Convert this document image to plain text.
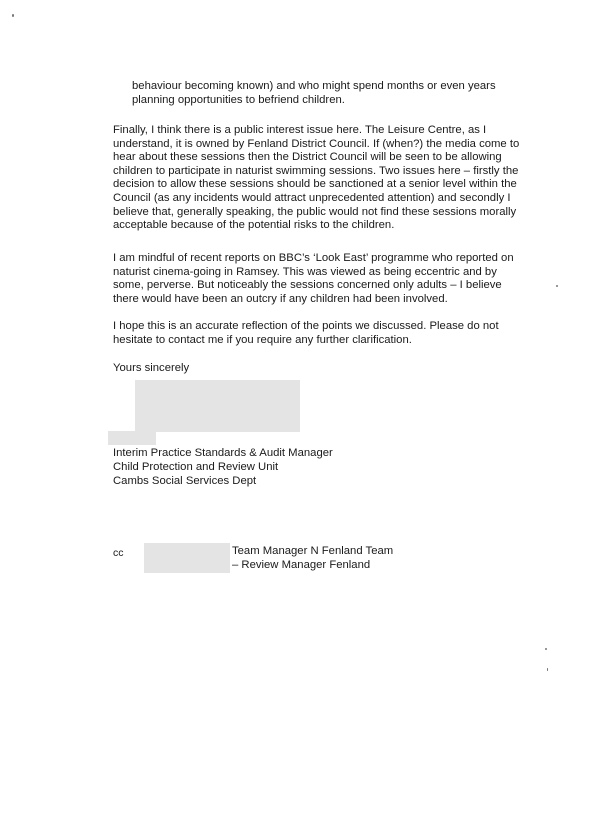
behaviour becoming known) and who might spend months or even years
planning opportunities to befriend children.
Finally, I think there is a public interest issue here. The Leisure Centre, as I
understand, it is owned by Fenland District Council. If (when?) the media come to
hear about these sessions then the District Council will be seen to be allowing
children to participate in naturist swimming sessions. Two issues here – firstly the
decision to allow these sessions should be sanctioned at a senior level within the
Council (as any incidents would attract unprecedented attention) and secondly I
believe that, generally speaking, the public would not find these sessions morally
acceptable because of the potential risks to the children.
I am mindful of recent reports on BBC’s ‘Look East’ programme who reported on
naturist cinema-going in Ramsey. This was viewed as being eccentric and by
some, perverse. But noticeably the sessions concerned only adults – I believe
there would have been an outcry if any children had been involved.
I hope this is an accurate reflection of the points we discussed. Please do not
hesitate to contact me if you require any further clarification.
Yours sincerely
Interim Practice Standards & Audit Manager
Child Protection and Review Unit
Cambs Social Services Dept
cc	Team Manager N Fenland Team
– Review Manager Fenland
